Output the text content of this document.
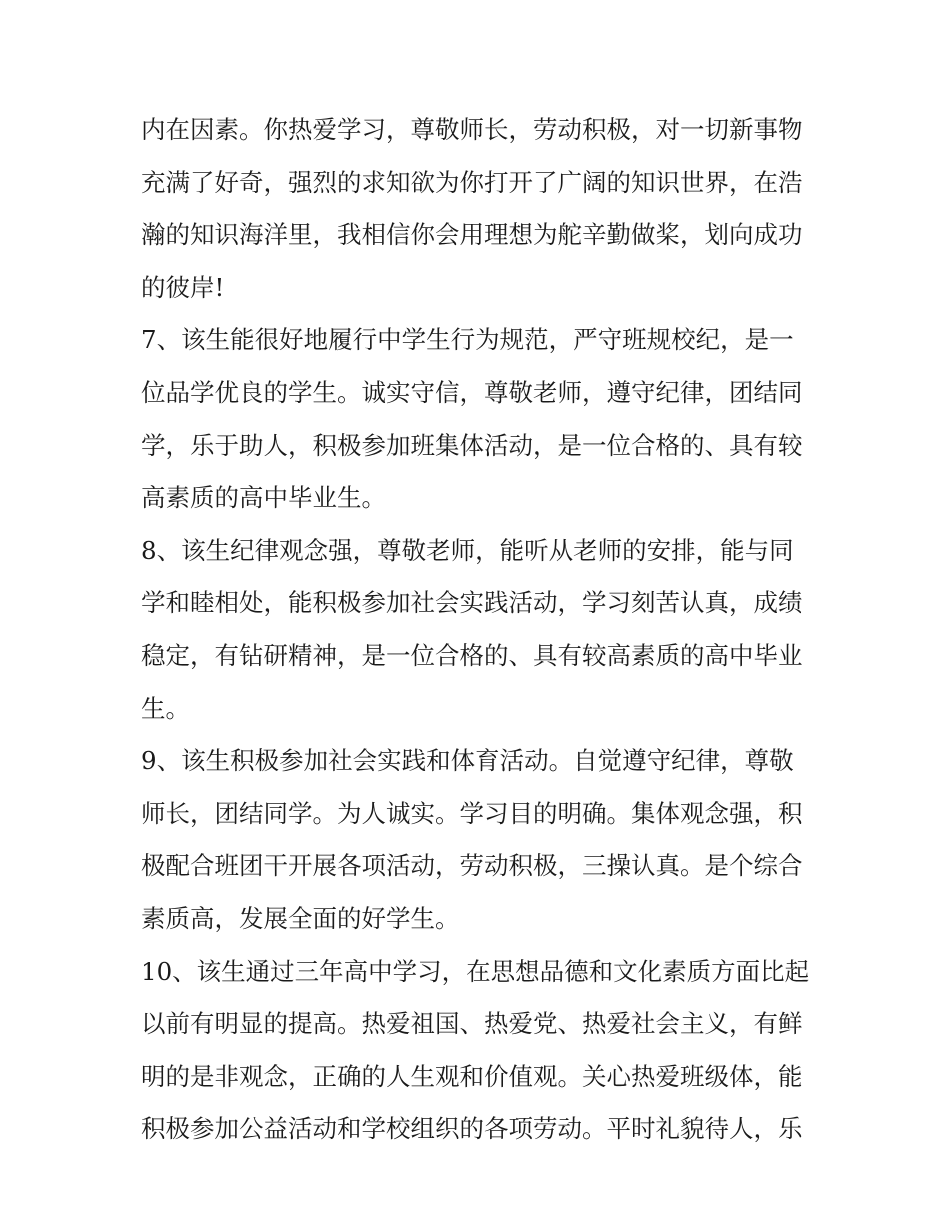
内在因素。你热爱学习，尊敬师长，劳动积极，对一切新事物
充满了好奇，强烈的求知欲为你打开了广阔的知识世界，在浩
瀚的知识海洋里，我相信你会用理想为舵辛勤做桨，划向成功
的彼岸!
7、该生能很好地履行中学生行为规范，严守班规校纪，是一
位品学优良的学生。诚实守信，尊敬老师，遵守纪律，团结同
学，乐于助人，积极参加班集体活动，是一位合格的、具有较
高素质的高中毕业生。
8、该生纪律观念强，尊敬老师，能听从老师的安排，能与同
学和睦相处，能积极参加社会实践活动，学习刻苦认真，成绩
稳定，有钻研精神，是一位合格的、具有较高素质的高中毕业
生。
9、该生积极参加社会实践和体育活动。自觉遵守纪律，尊敬
师长，团结同学。为人诚实。学习目的明确。集体观念强，积
极配合班团干开展各项活动，劳动积极，三操认真。是个综合
素质高，发展全面的好学生。
10、该生通过三年高中学习，在思想品德和文化素质方面比起
以前有明显的提高。热爱祖国、热爱党、热爱社会主义，有鲜
明的是非观念，正确的人生观和价值观。关心热爱班级体，能
积极参加公益活动和学校组织的各项劳动。平时礼貌待人，乐
